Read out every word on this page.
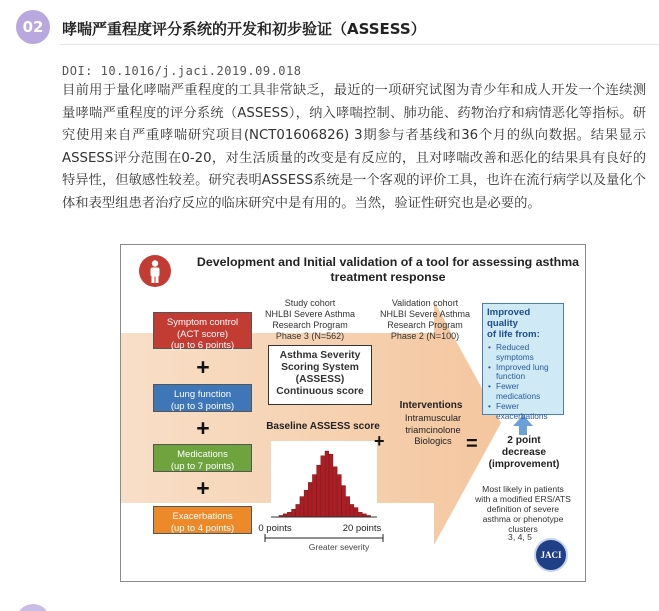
02	哮喘严重程度评分系统的开发和初步验证（ASSESS）
DOI: 10.1016/j.jaci.2019.09.018
目前用于量化哮喘严重程度的工具非常缺乏，最近的一项研究试图为青少年和成人开发一个连续测量哮喘严重程度的评分系统（ASSESS），纳入哮喘控制、肺功能、药物治疗和病情恶化等指标。研究使用来自严重哮喘研究项目(NCT01606826) 3期参与者基线和36个月的纵向数据。结果显示ASSESS评分范围在0-20，对生活质量的改变是有反应的，且对哮喘改善和恶化的结果具有良好的特异性，但敏感性较差。研究表明ASSESS系统是一个客观的评价工具，也许在流行病学以及量化个体和表型组患者治疗反应的临床研究中是有用的。当然，验证性研究也是必要的。
Development and Initial validation of a tool for assessing asthma treatment response
Study cohort
NHLBI Severe Asthma
Research Program
Phase 3 (N=562)
Validation cohort
NHLBI Severe Asthma
Research Program
Phase 2 (N=100)
Symptom control
(ACT score)
(up to 6 points)
+
Lung function
(up to 3 points)
+
Medications
(up to 7 points)
+
Exacerbations
(up to 4 points)
Asthma Severity
Scoring System
(ASSESS)
Continuous score
Baseline ASSESS score
0 points	20 points
Greater severity
+
Interventions
Intramuscular
triamcinolone
Biologics =
Improved quality
of life from:
• Reduced symptoms
• Improved lung function
• Fewer medications
• Fewer exacerbations
2 point
decrease
(improvement)
Most likely in patients
with a modified ERS/ATS
definition of severe
asthma or phenotype
clusters
3, 4, 5
JACI
